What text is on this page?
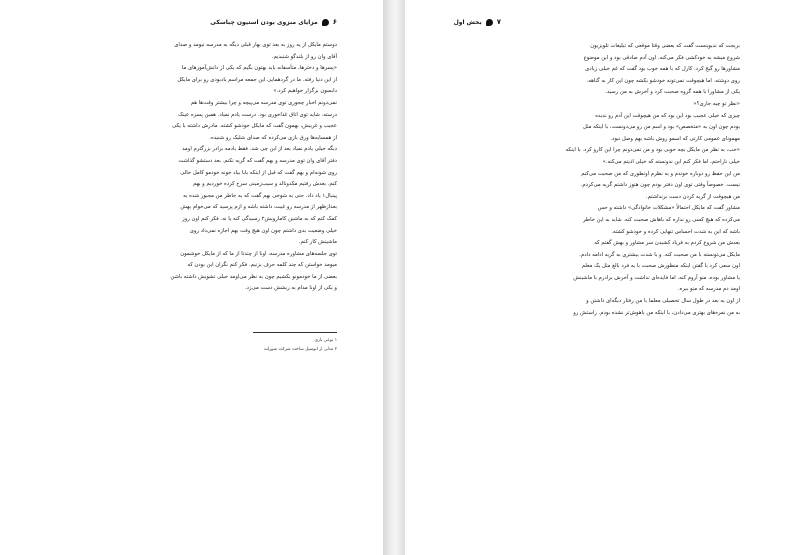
۶
مزایای منزوی بودن استیون چباسکی

دوستم مایکل از یه روز به بعد توی بهار قبلی دیگه به مدرسه نیومد و صدای

آقای وان رو از بلندگو شنیدیم.

«پسرها و دخترها، متأسفانه باید بهتون بگیم که یکی از دانش‌آموزهای ما

از این دنیا رفته. ما در گردهمایی این جمعه مراسم یادبودی رو برای مایکل

دابسون برگزار خواهیم کرد.»

نمی‌دونم اخبار چجوری توی مدرسه می‌پیچه و چرا بیشتر وقت‌ها هم

درسته. شاید توی اتاق غذاخوری بود. درست یادم نمیاد. همین پسره عینک

عجیب و غریبش، بهمون گفت که مایکل خودشو کشته. مادرش داشته با یکی

از همسایه‌ها ورق بازی می‌کرده که صدای شلیک رو شنیده.

دیگه خیلی یادم نمیاد بعد از این چی شد. فقط یادمه برادر بزرگترم اومد

دفتر آقای وان توی مدرسه و بهم گفت که گریه نکنم. بعد دستشو گذاشت

روی شونه‌ام و بهم گفت که قبل از اینکه بابا بیاد خونه خودمو کامل خالی

کنم. بعدش رفتیم مکدونالد و سیب‌زمینی سرخ کرده خوردیم و بهم

پینبال۱ یاد داد. حتی به شوخی بهم گفت که به خاطر من مجبور شده به

بعدازظهر از مدرسه رو غیبت داشته باشه و ازم پرسید که می‌خوام بهش

کمک کنم که به ماشین کامارویش۲ رسیدگی کنه یا نه. فکر کنم اون روز

خیلی وضعیت بدی داشتم چون اون هیچ وقت بهم اجازه نمی‌داد روی

ماشینش کار کنم.

توی جلسه‌های مشاوره مدرسه، اونا از چندتا از ما که از مایکل خوشمون

میومد خواستن که چند کلمه حرف بزنیم. فکر کنم نگران این بودن که

بعضی از ما خودمونو بکشیم چون به نظر می‌اومد خیلی تشویش داشته باشن

و یکی از اونا مدام به ریشش دست می‌زد.

۱ نوعی بازی
۲ مدلی از اتومبیل ساخت شرکت شورلت
۷
بخش اول

بریجت که ندیوینست گفت که بعضی وقتا موقعی که تبلیغات تلویزیون

شروع میشه به خودکشی فکر می‌کنه. اون آدم صادقی بود و این موضوع

مشاورها رو گیج کرد. کارل که با همه خوب بود گفت که غم خیلی زیادی

روی دوشته. اما هیچوقت نمی‌تونه خودشو بکشه چون این کار به گناهه.

یکی از مشاورا با همه گروه صحبت کرد و آخرش به من رسید.

«نظر تو چیه جاری؟»

چیزی که خیلی عجیب بود این بود که من هیچوقت این آدم رو ندیده

بودم چون اون به «متخصص» بود و اسم من رو می‌دونست، با اینکه مثل

مهمونای عمومی کارتی که اسمو روش باشه بهم وصل نبود.

«خب، به نظر من مایکل بچه خوبی بود و من نمی‌دونم چرا این کارو کرد. با اینکه

خیلی ناراحتم، اما فکر کنم این ندونسته که خیلی اذیتم می‌کنه.»

من این حفظ رو دوباره خوندم و به نظرم اونطوری که من صحبت می‌کنم

نیست. خصوصاً وقتی توی اون دفتر بودم چون هنوز داشتم گریه می‌کردم.

من هیچوقت از گریه کردن دست برنداشتم.

مشاور گفت که مایکل احتمالاً «مشکلات خانوادگی» داشته و حس

می‌کرده که هیچ کسی رو نداره که باهاش صحبت کنه. شاید به این خاطر

باشه که این به شدت احساس تنهایی کرده و خودشو کشته.

بعدش من شروع کردم به فریاد کشیدن سر مشاور و بهش گفتم که

مایکل می‌تونسته با من صحبت کنه. و با شدت بیشتری به گریه ادامه دادم.

اون سعی کرد با گفتن اینکه منظورش صحبت با یه فرد بالغ مثل یک معلم

یا مشاور بوده، منو آروم کنه. اما فایده‌ای نداشت و آخرش برادرم با ماشینش

اومد دم مدرسه که منو ببره.

از اون به بعد در طول سال تحصیلی معلما با من رفتار دیگه‌ای داشتن و

به من نمره‌های بهتری می‌دادن، با اینکه من باهوش‌تر نشده بودم. راستش رو
